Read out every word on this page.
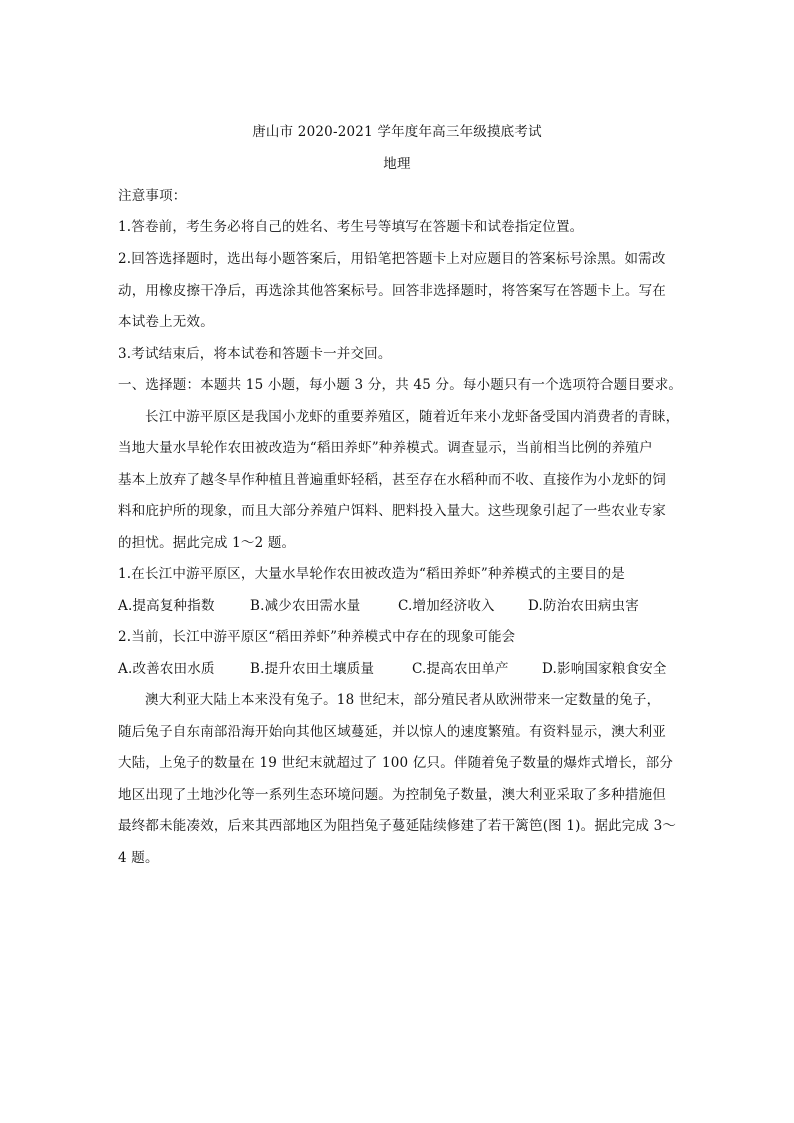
唐山市 2020-2021 学年度年高三年级摸底考试
地理
注意事项：
1.答卷前，考生务必将自己的姓名、考生号等填写在答题卡和试卷指定位置。
2.回答选择题时，选出每小题答案后，用铅笔把答题卡上对应题目的答案标号涂黑。如需改
动，用橡皮擦干净后，再选涂其他答案标号。回答非选择题时，将答案写在答题卡上。写在
本试卷上无效。
3.考试结束后，将本试卷和答题卡一并交回。
一、选择题：本题共 15 小题，每小题 3 分，共 45 分。每小题只有一个选项符合题目要求。
长江中游平原区是我国小龙虾的重要养殖区，随着近年来小龙虾备受国内消费者的青睐，
当地大量水旱轮作农田被改造为“稻田养虾”种养模式。调查显示，当前相当比例的养殖户
基本上放弃了越冬旱作种植且普遍重虾轻稻，甚至存在水稻种而不收、直接作为小龙虾的饲
料和庇护所的现象，而且大部分养殖户饵料、肥料投入量大。这些现象引起了一些农业专家
的担忧。据此完成 1～2 题。
1.在长江中游平原区，大量水旱轮作农田被改造为“稻田养虾”种养模式的主要目的是
A.提高复种指数	B.减少农田需水量	C.增加经济收入 D.防治农田病虫害
2.当前，长江中游平原区“稻田养虾”种养模式中存在的现象可能会
A.改善农田水质	B.提升农田土壤质量	C.提高农田单产 D.影响国家粮食安全
澳大利亚大陆上本来没有兔子。18 世纪末，部分殖民者从欧洲带来一定数量的兔子，
随后兔子自东南部沿海开始向其他区域蔓延，并以惊人的速度繁殖。有资料显示，澳大利亚
大陆，上兔子的数量在 19 世纪末就超过了 100 亿只。伴随着兔子数量的爆炸式增长，部分
地区出现了土地沙化等一系列生态环境问题。为控制兔子数量，澳大利亚采取了多种措施但
最终都未能凑效，后来其西部地区为阻挡兔子蔓延陆续修建了若干篱笆(图 1)。据此完成 3～
4 题。
